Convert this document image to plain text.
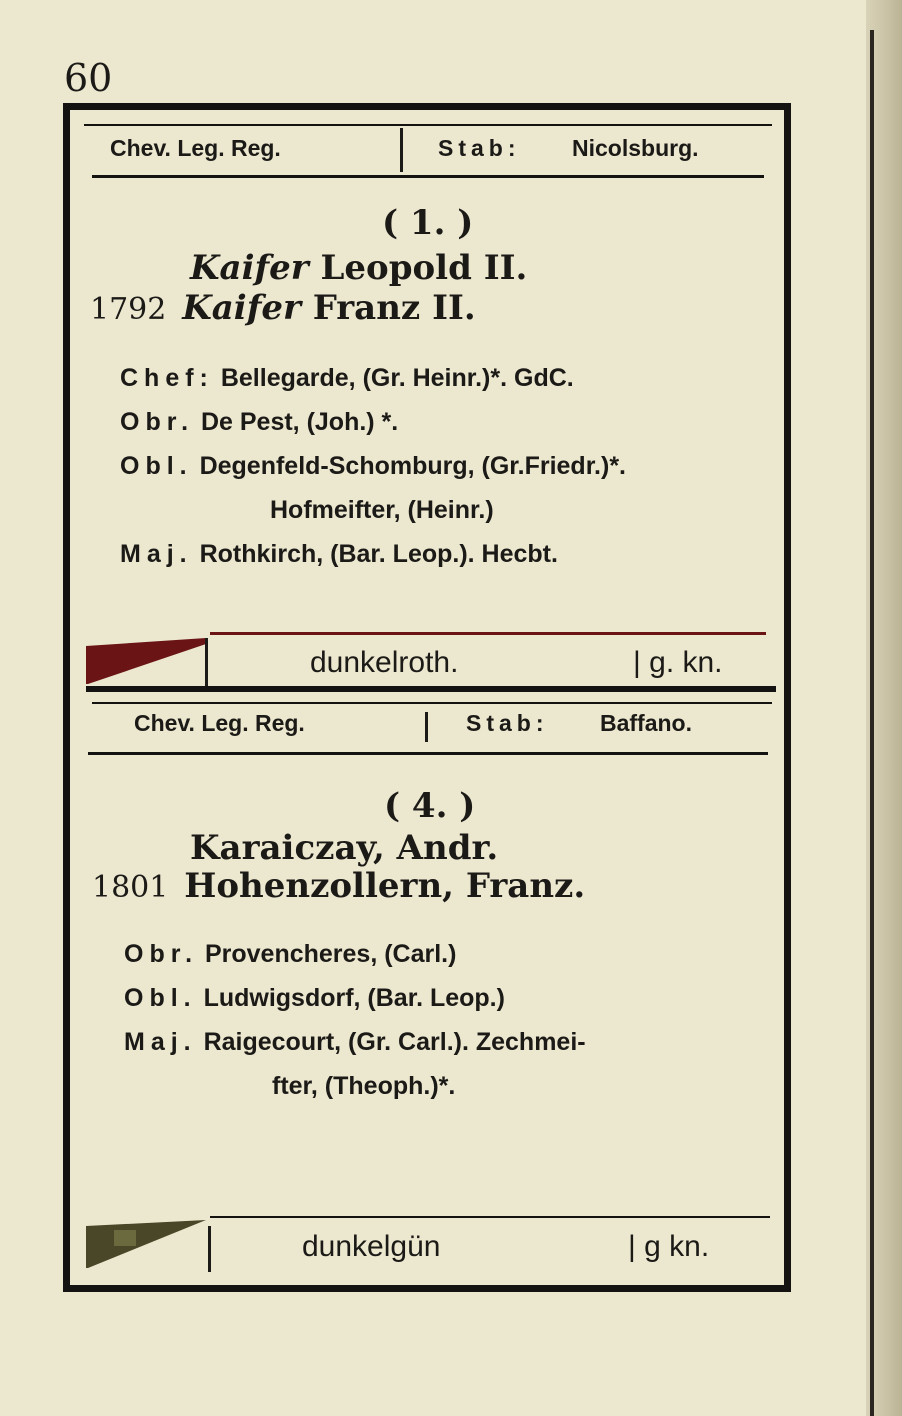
60
Chev. Leg. Reg.	Stab: Nicolsburg.
( 1. )
Kaifer Leopold II.
1792 Kaifer Franz II.
Chef: Bellegarde, (Gr. Heinr.)*. GdC.
Obr. De Pest, (Joh.) *.
Obl. Degenfeld-Schomburg, (Gr.Friedr.)*.
Hofmeifter, (Heinr.)
Maj. Rothkirch, (Bar. Leop.). Hecbt.
dunkelroth.	| g. kn.
Chev. Leg. Reg.	Stab: Baffano.
( 4. )
Karaiczay, Andr.
1801 Hohenzollern, Franz.
Obr. Provencheres, (Carl.)
Obl. Ludwigsdorf, (Bar. Leop.)
Maj. Raigecourt, (Gr. Carl.). Zechmei-
fter, (Theoph.)*.
dunkelgün	| g kn.
